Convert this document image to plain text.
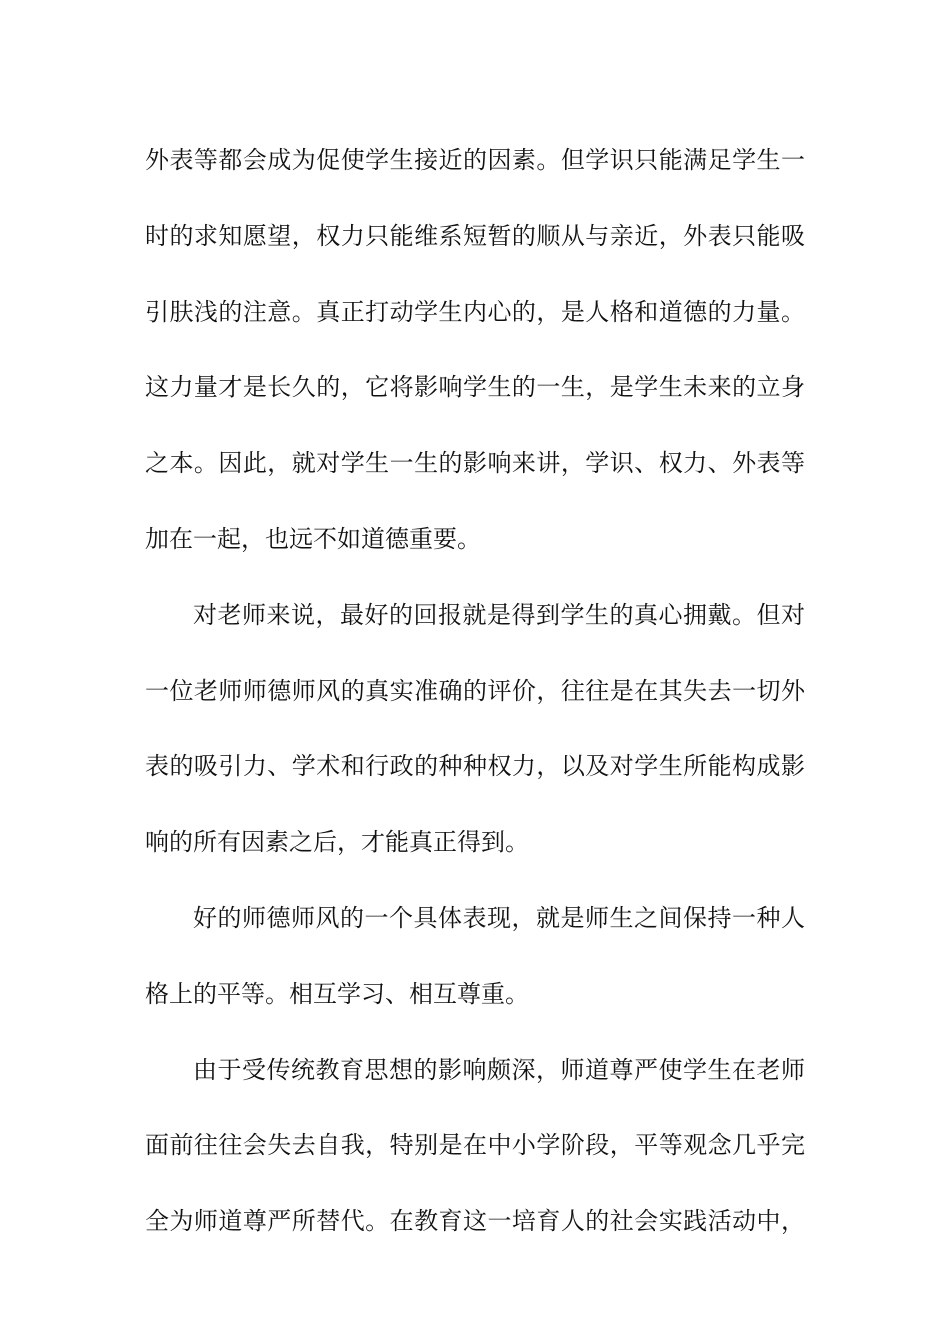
外表等都会成为促使学生接近的因素。但学识只能满足学生一
时的求知愿望，权力只能维系短暂的顺从与亲近，外表只能吸
引肤浅的注意。真正打动学生内心的，是人格和道德的力量。
这力量才是长久的，它将影响学生的一生，是学生未来的立身
之本。因此，就对学生一生的影响来讲，学识、权力、外表等
加在一起，也远不如道德重要。
对老师来说，最好的回报就是得到学生的真心拥戴。但对
一位老师师德师风的真实准确的评价，往往是在其失去一切外
表的吸引力、学术和行政的种种权力，以及对学生所能构成影
响的所有因素之后，才能真正得到。
好的师德师风的一个具体表现，就是师生之间保持一种人
格上的平等。相互学习、相互尊重。
由于受传统教育思想的影响颇深，师道尊严使学生在老师
面前往往会失去自我，特别是在中小学阶段，平等观念几乎完
全为师道尊严所替代。在教育这一培育人的社会实践活动中，
